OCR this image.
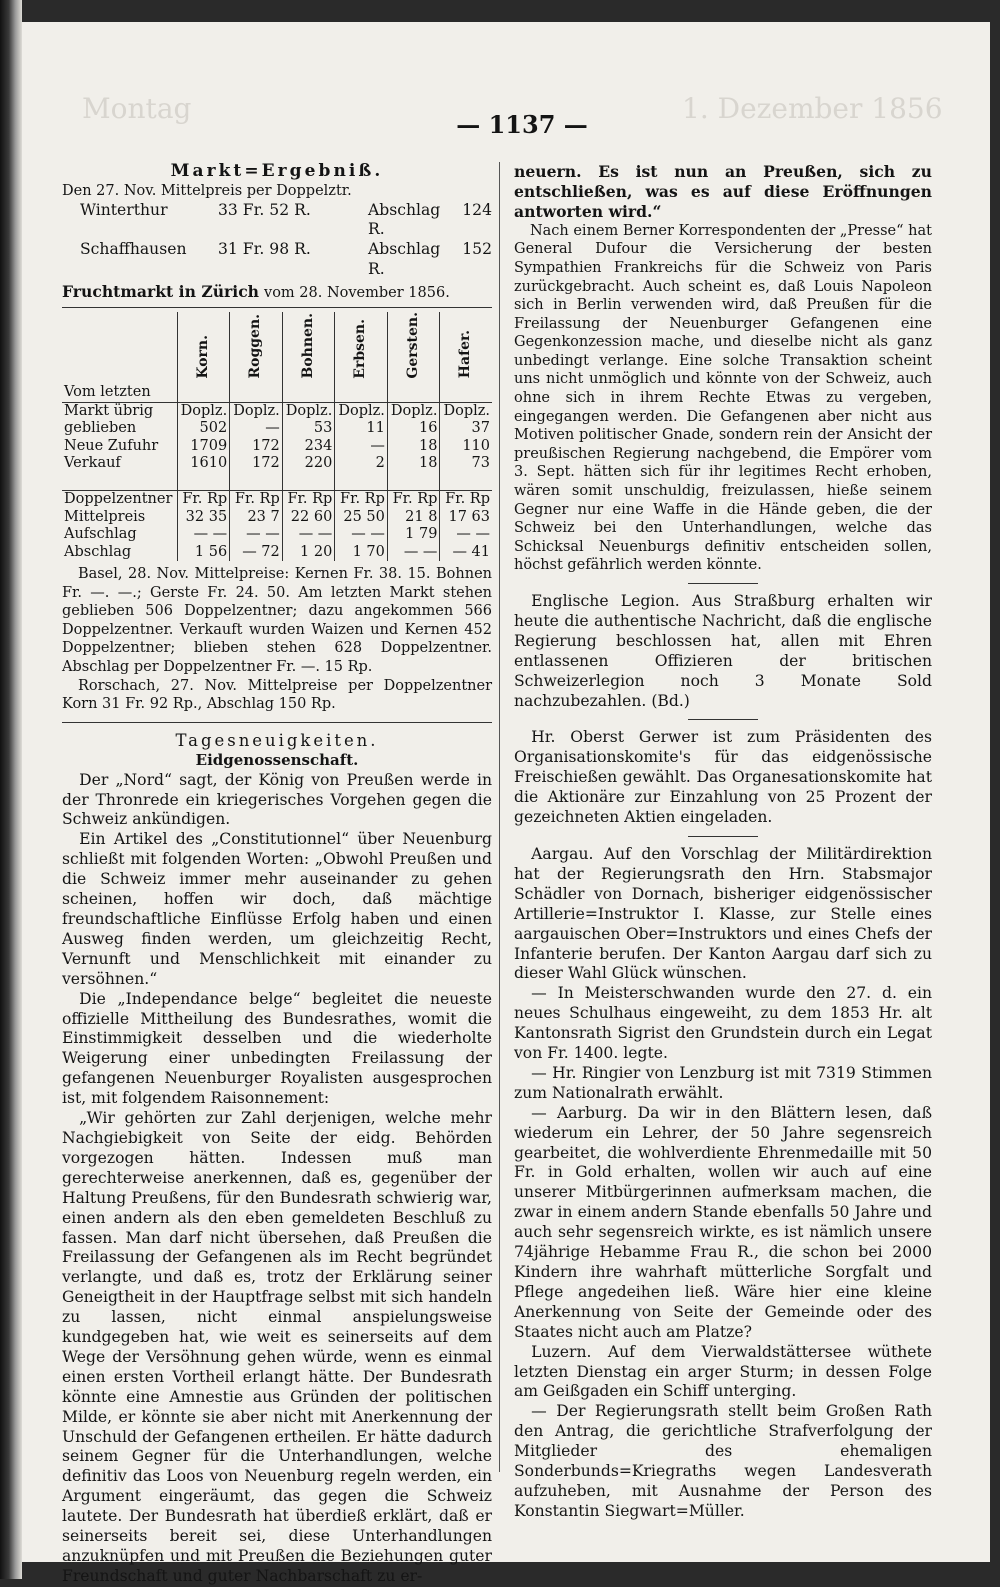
Montag	1. Dezember 1856
— 1137 —

Markt=Ergebniß.

Den 27. Nov. Mittelpreis per Doppelztr.

Winterthur	33 Fr. 52 R.	Abschlag 124 R.
Schaffhausen	31 Fr. 98 R.	Abschlag 152 R.

Fruchtmarkt in Zürich vom 28. November 1856.

	Korn.	Roggen.	Bohnen.	Erbsen.	Gersten.	Hafer.
Vom letzten						
Markt übrig	Doplz.	Doplz.	Doplz.	Doplz.	Doplz.	Doplz.
geblieben	502	—	53	11	16	37
Neue Zufuhr	1709	172	234	—	18	110
Verkauf	1610	172	220	2	18	73

Doppelzentner	Fr. Rp	Fr. Rp	Fr. Rp	Fr. Rp	Fr. Rp	Fr. Rp
Mittelpreis	32 35	23 7	22 60	25 50	21 8	17 63
Aufschlag	— —	— —	— —	— —	1 79	— —
Abschlag	1 56	— 72	1 20	1 70	— —	— 41

Basel, 28. Nov. Mittelpreise: Kernen Fr. 38. 15. Bohnen Fr. —. —.; Gerste Fr. 24. 50. Am letzten Markt stehen geblieben 506 Doppelzentner; dazu angekommen 566 Doppelzentner. Verkauft wurden Waizen und Kernen 452 Doppelzentner; blieben stehen 628 Doppelzentner. Abschlag per Doppelzentner Fr. —. 15 Rp.

Rorschach, 27. Nov. Mittelpreise per Doppelzentner Korn 31 Fr. 92 Rp., Abschlag 150 Rp.

Tagesneuigkeiten.

Eidgenossenschaft.

Der „Nord“ sagt, der König von Preußen werde in der Thronrede ein kriegerisches Vorgehen gegen die Schweiz ankündigen.

Ein Artikel des „Constitutionnel“ über Neuenburg schließt mit folgenden Worten: „Obwohl Preußen und die Schweiz immer mehr auseinander zu gehen scheinen, hoffen wir doch, daß mächtige freundschaftliche Einflüsse Erfolg haben und einen Ausweg finden werden, um gleichzeitig Recht, Vernunft und Menschlichkeit mit einander zu versöhnen.“

Die „Independance belge“ begleitet die neueste offizielle Mittheilung des Bundesrathes, womit die Einstimmigkeit desselben und die wiederholte Weigerung einer unbedingten Freilassung der gefangenen Neuenburger Royalisten ausgesprochen ist, mit folgendem Raisonnement:

„Wir gehörten zur Zahl derjenigen, welche mehr Nachgiebigkeit von Seite der eidg. Behörden vorgezogen hätten. Indessen muß man gerechterweise anerkennen, daß es, gegenüber der Haltung Preußens, für den Bundesrath schwierig war, einen andern als den eben gemeldeten Beschluß zu fassen. Man darf nicht übersehen, daß Preußen die Freilassung der Gefangenen als im Recht begründet verlangte, und daß es, trotz der Erklärung seiner Geneigtheit in der Hauptfrage selbst mit sich handeln zu lassen, nicht einmal anspielungsweise kundgegeben hat, wie weit es seinerseits auf dem Wege der Versöhnung gehen würde, wenn es einmal einen ersten Vortheil erlangt hätte. Der Bundesrath könnte eine Amnestie aus Gründen der politischen Milde, er könnte sie aber nicht mit Anerkennung der Unschuld der Gefangenen ertheilen. Er hätte dadurch seinem Gegner für die Unterhandlungen, welche definitiv das Loos von Neuenburg regeln werden, ein Argument eingeräumt, das gegen die Schweiz lautete. Der Bundesrath hat überdieß erklärt, daß er seinerseits bereit sei, diese Unterhandlungen anzuknüpfen und mit Preußen die Beziehungen guter Freundschaft und guter Nachbarschaft zu er-

neuern. Es ist nun an Preußen, sich zu entschließen, was es auf diese Eröffnungen antworten wird.“

Nach einem Berner Korrespondenten der „Presse“ hat General Dufour die Versicherung der besten Sympathien Frankreichs für die Schweiz von Paris zurückgebracht. Auch scheint es, daß Louis Napoleon sich in Berlin verwenden wird, daß Preußen für die Freilassung der Neuenburger Gefangenen eine Gegenkonzession mache, und dieselbe nicht als ganz unbedingt verlange. Eine solche Transaktion scheint uns nicht unmöglich und könnte von der Schweiz, auch ohne sich in ihrem Rechte Etwas zu vergeben, eingegangen werden. Die Gefangenen aber nicht aus Motiven politischer Gnade, sondern rein der Ansicht der preußischen Regierung nachgebend, die Empörer vom 3. Sept. hätten sich für ihr legitimes Recht erhoben, wären somit unschuldig, freizulassen, hieße seinem Gegner nur eine Waffe in die Hände geben, die der Schweiz bei den Unterhandlungen, welche das Schicksal Neuenburgs definitiv entscheiden sollen, höchst gefährlich werden könnte.

Englische Legion. Aus Straßburg erhalten wir heute die authentische Nachricht, daß die englische Regierung beschlossen hat, allen mit Ehren entlassenen Offizieren der britischen Schweizerlegion noch 3 Monate Sold nachzubezahlen. (Bd.)

Hr. Oberst Gerwer ist zum Präsidenten des Organisationskomite's für das eidgenössische Freischießen gewählt. Das Organesationskomite hat die Aktionäre zur Einzahlung von 25 Prozent der gezeichneten Aktien eingeladen.

Aargau. Auf den Vorschlag der Militärdirektion hat der Regierungsrath den Hrn. Stabsmajor Schädler von Dornach, bisheriger eidgenössischer Artillerie=Instruktor I. Klasse, zur Stelle eines aargauischen Ober=Instruktors und eines Chefs der Infanterie berufen. Der Kanton Aargau darf sich zu dieser Wahl Glück wünschen.

— In Meisterschwanden wurde den 27. d. ein neues Schulhaus eingeweiht, zu dem 1853 Hr. alt Kantonsrath Sigrist den Grundstein durch ein Legat von Fr. 1400. legte.

— Hr. Ringier von Lenzburg ist mit 7319 Stimmen zum Nationalrath erwählt.

— Aarburg. Da wir in den Blättern lesen, daß wiederum ein Lehrer, der 50 Jahre segensreich gearbeitet, die wohlverdiente Ehrenmedaille mit 50 Fr. in Gold erhalten, wollen wir auch auf eine unserer Mitbürgerinnen aufmerksam machen, die zwar in einem andern Stande ebenfalls 50 Jahre und auch sehr segensreich wirkte, es ist nämlich unsere 74jährige Hebamme Frau R., die schon bei 2000 Kindern ihre wahrhaft mütterliche Sorgfalt und Pflege angedeihen ließ. Wäre hier eine kleine Anerkennung von Seite der Gemeinde oder des Staates nicht auch am Platze?

Luzern. Auf dem Vierwaldstättersee wüthete letzten Dienstag ein arger Sturm; in dessen Folge am Geißgaden ein Schiff unterging.

— Der Regierungsrath stellt beim Großen Rath den Antrag, die gerichtliche Strafverfolgung der Mitglieder des ehemaligen Sonderbunds=Kriegraths wegen Landesverath aufzuheben, mit Ausnahme der Person des Konstantin Siegwart=Müller.
